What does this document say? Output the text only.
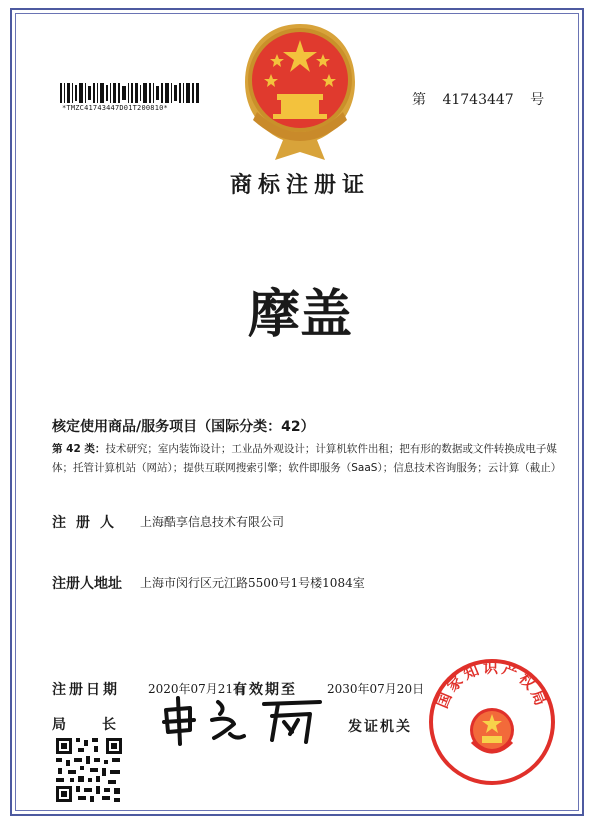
*TMZC41743447D01T200810*	第 41743447 号
商标注册证
摩盖
核定使用商品/服务项目（国际分类：42）
第 42 类：技术研究；室内装饰设计；工业品外观设计；计算机软件出租；把有形的数据或文件转换成电子媒体；托管计算机站（网站）；提供互联网搜索引擎；软件即服务（SaaS）；信息技术咨询服务；云计算（截止）
注册人 上海酷享信息技术有限公司
注册人地址 上海市闵行区元江路5500号1号楼1084室
注册日期 2020年07月21日
有效期至	2030年07月20日
局长	发证机关
国家知识产权局
